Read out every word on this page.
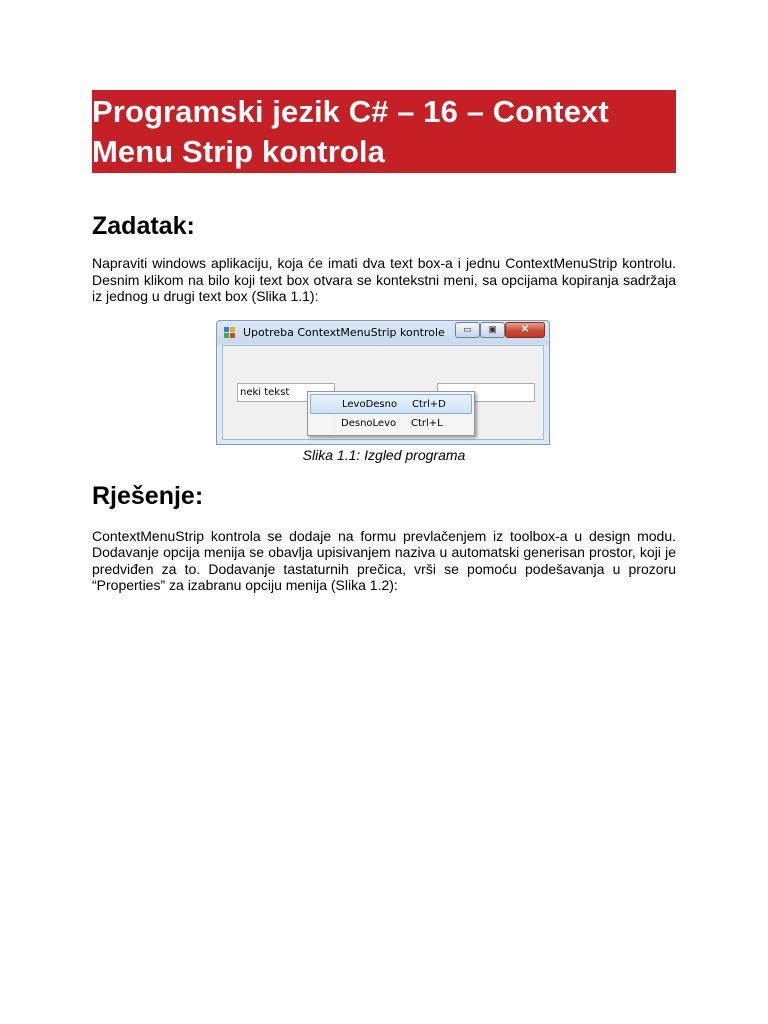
Programski jezik C# – 16 – Context Menu Strip kontrola
Zadatak:

Napraviti windows aplikaciju, koja će imati dva text box-a i jednu ContextMenuStrip kontrolu. Desnim klikom na bilo koji text box otvara se kontekstni meni, sa opcijama kopiranja sadržaja iz jednog u drugi text box (Slika 1.1):

Upotreba ContextMenuStrip kontrole ▭ ▣ ✕
neki tekst
LevoDesno Ctrl+D
DesnoLevo Ctrl+L
Slika 1.1: Izgled programa
Rješenje:

ContextMenuStrip kontrola se dodaje na formu prevlačenjem iz toolbox-a u design modu. Dodavanje opcija menija se obavlja upisivanjem naziva u automatski generisan prostor, koji je predviđen za to. Dodavanje tastaturnih prečica, vrši se pomoću podešavanja u prozoru “Properties” za izabranu opciju menija (Slika 1.2):
